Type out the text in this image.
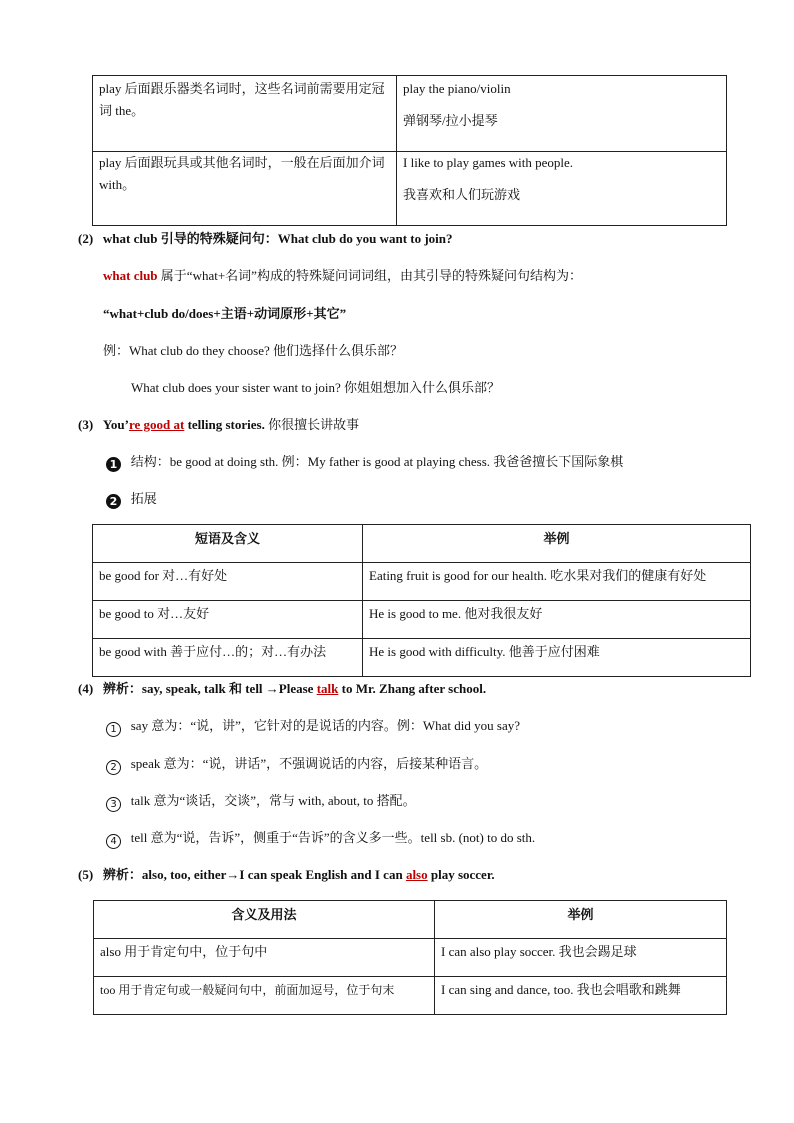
play 后面跟乐器类名词时，这些名词前需要用定冠词 the。	play the piano/violin

弹钢琴/拉小提琴

play 后面跟玩具或其他名词时，一般在后面加介词 with。	I like to play games with people.

我喜欢和人们玩游戏

(2) what club 引导的特殊疑问句：What club do you want to join?
what club 属于“what+名词”构成的特殊疑问词词组，由其引导的特殊疑问句结构为：
“what+club do/does+主语+动词原形+其它”
例：What club do they choose? 他们选择什么俱乐部？
What club does your sister want to join? 你姐姐想加入什么俱乐部？
(3) You’re good at telling stories. 你很擅长讲故事
1 结构：be good at doing sth. 例：My father is good at playing chess. 我爸爸擅长下国际象棋
2 拓展
短语及含义	举例

be good for 对…有好处	Eating fruit is good for our health. 吃水果对我们的健康有好处

be good to 对…友好	He is good to me. 他对我很友好

be good with 善于应付…的；对…有办法	He is good with difficulty. 他善于应付困难
(4) 辨析：say, speak, talk 和 tell →Please talk to Mr. Zhang after school.
1 say 意为：“说，讲”，它针对的是说话的内容。例：What did you say?
2 speak 意为：“说，讲话”，不强调说话的内容，后接某种语言。
3 talk 意为“谈话，交谈”，常与 with, about, to 搭配。
4 tell 意为“说，告诉”，侧重于“告诉”的含义多一些。tell sb. (not) to do sth.
(5) 辨析：also, too, either→I can speak English and I can also play soccer.
含义及用法	举例

also 用于肯定句中，位于句中	I can also play soccer. 我也会踢足球

too 用于肯定句或一般疑问句中，前面加逗号，位于句末	I can sing and dance, too. 我也会唱歌和跳舞
